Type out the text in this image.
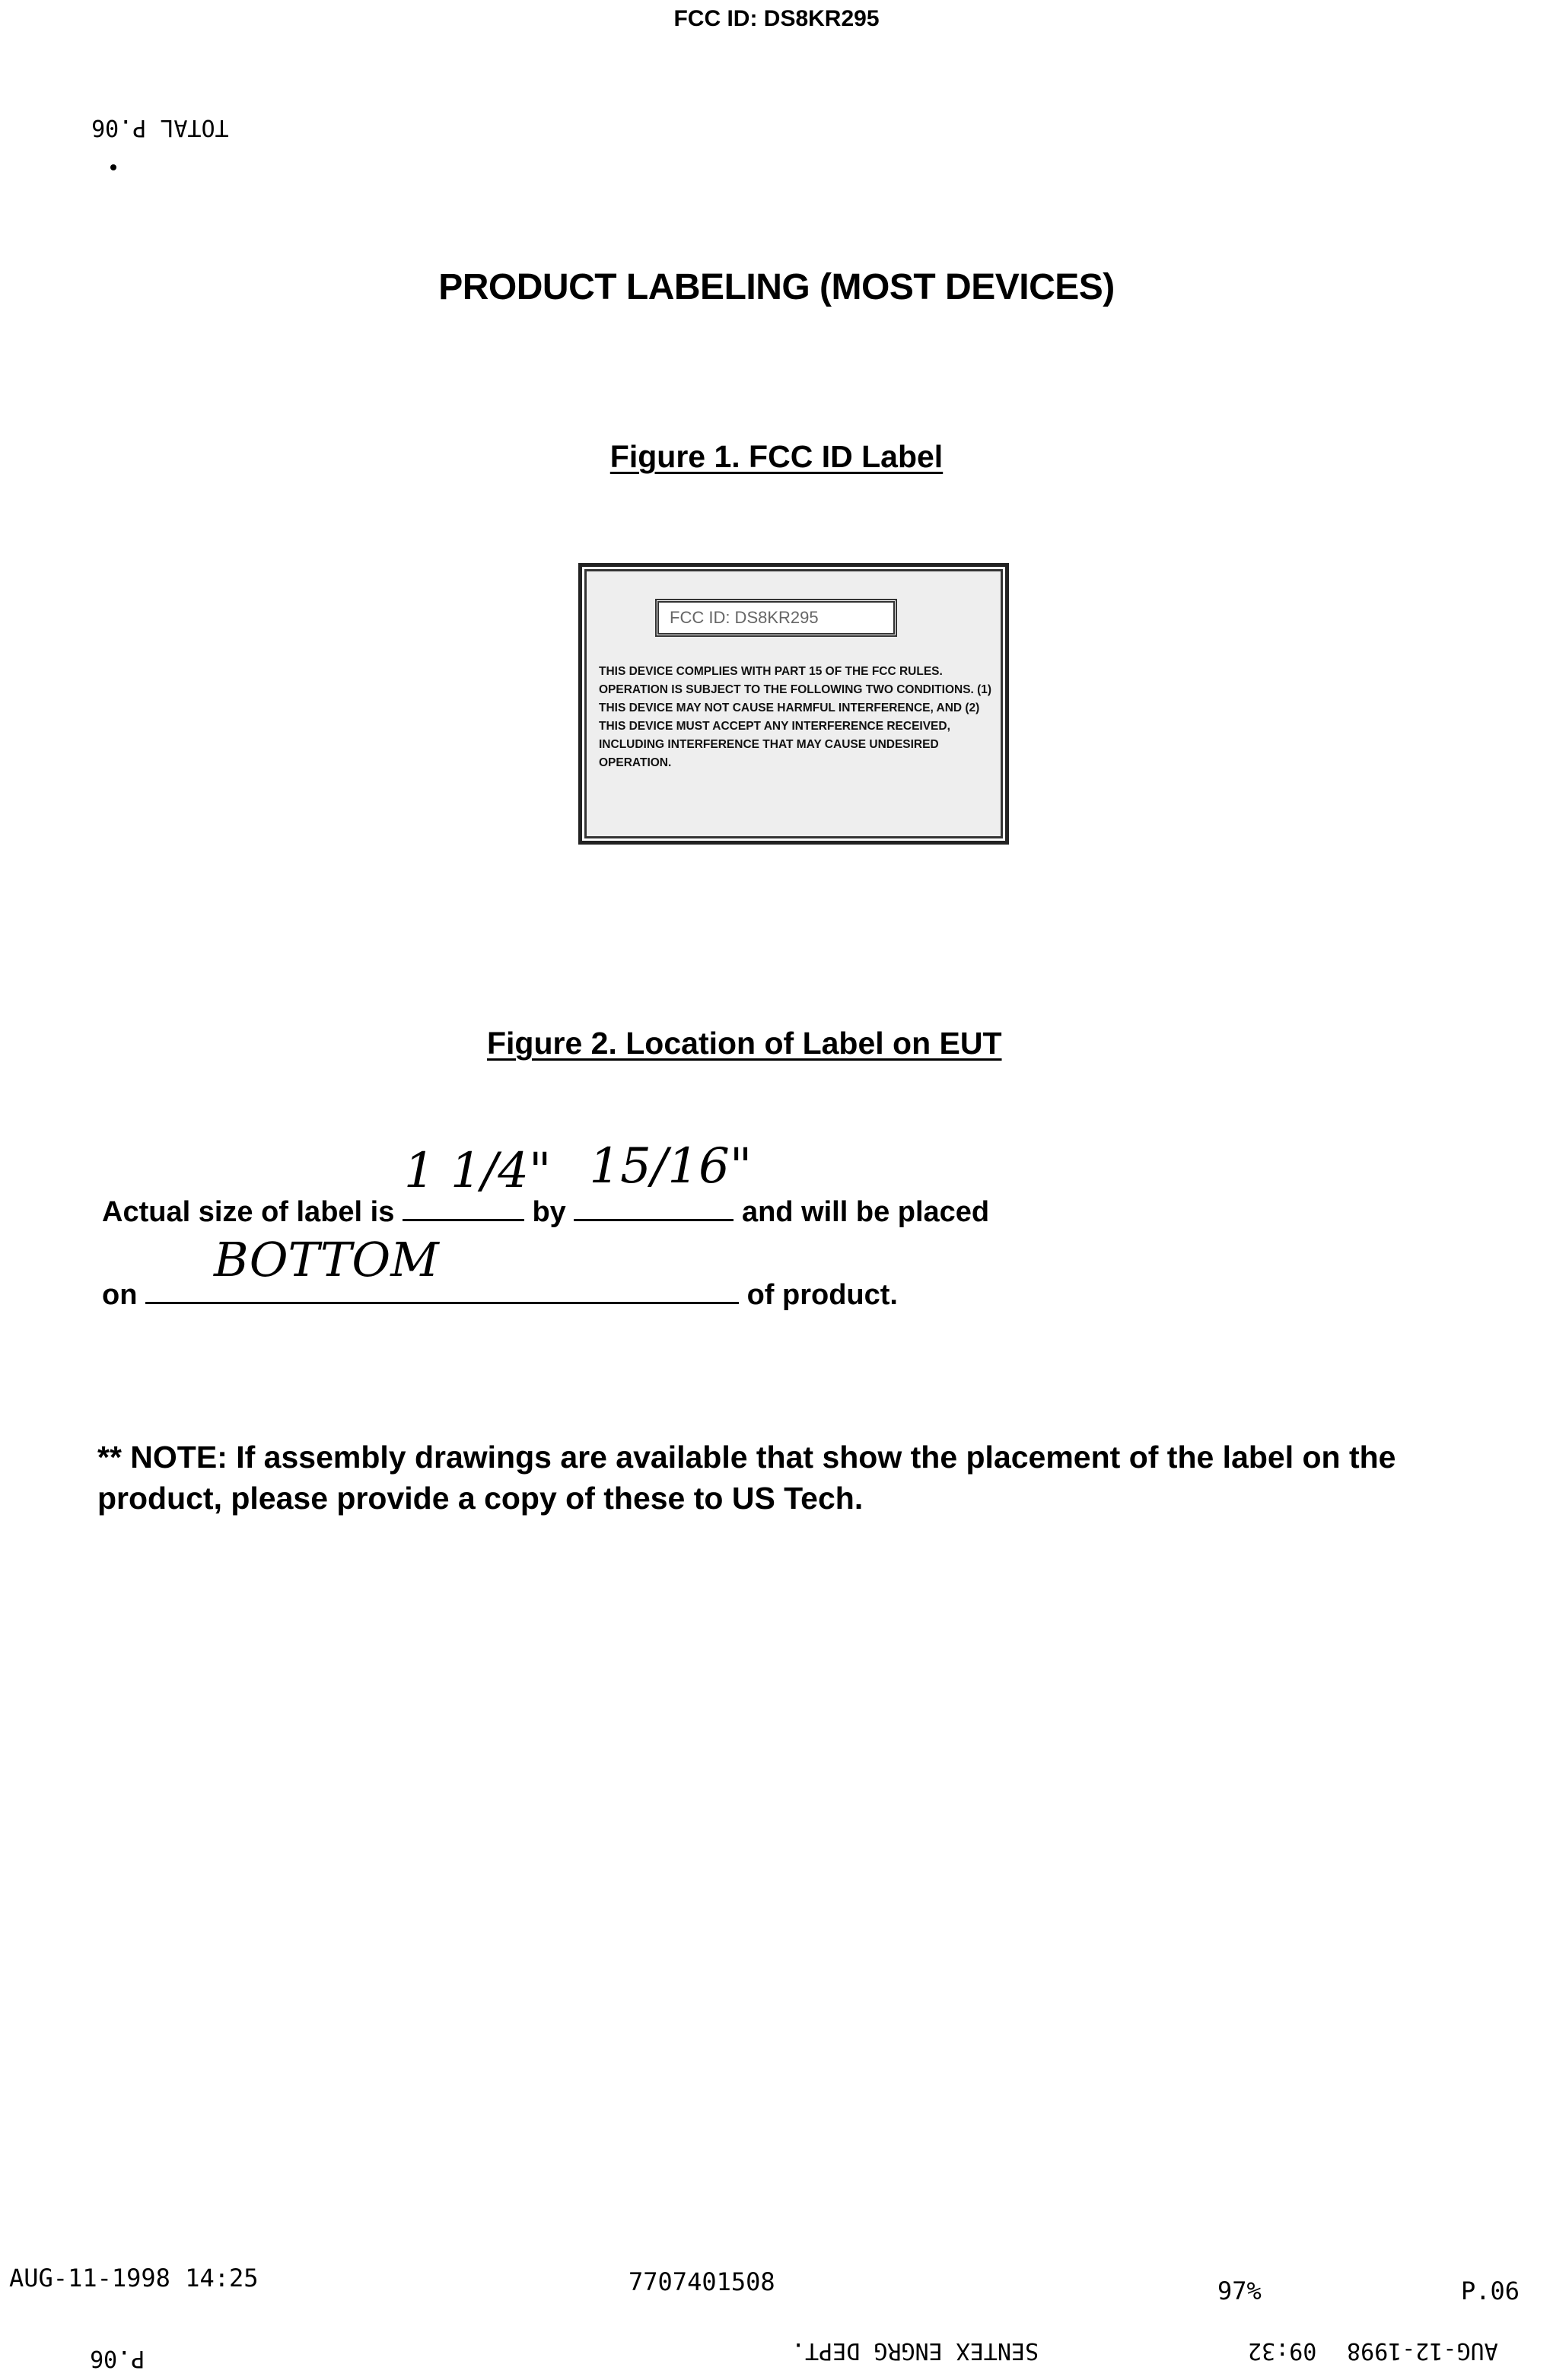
FCC ID: DS8KR295
TOTAL P.06
PRODUCT LABELING (MOST DEVICES)
Figure 1. FCC ID Label
FCC ID: DS8KR295
THIS DEVICE COMPLIES WITH PART 15 OF THE FCC RULES. OPERATION IS SUBJECT TO THE FOLLOWING TWO CONDITIONS. (1) THIS DEVICE MAY NOT CAUSE HARMFUL INTERFERENCE, AND (2) THIS DEVICE MUST ACCEPT ANY INTERFERENCE RECEIVED, INCLUDING INTERFERENCE THAT MAY CAUSE UNDESIRED OPERATION.
Figure 2. Location of Label on EUT
Actual size of label is
1 1/4"
by
15/16"
and will be placed
on
BOTTOM
of product.
** NOTE: If assembly drawings are available that show the placement of the label on the product, please provide a copy of these to US Tech.
AUG-11-1998 14:25	7707401508	97%	P.06
P.06	SENTEX ENGRG DEPT.	09:32 AUG-12-1998
